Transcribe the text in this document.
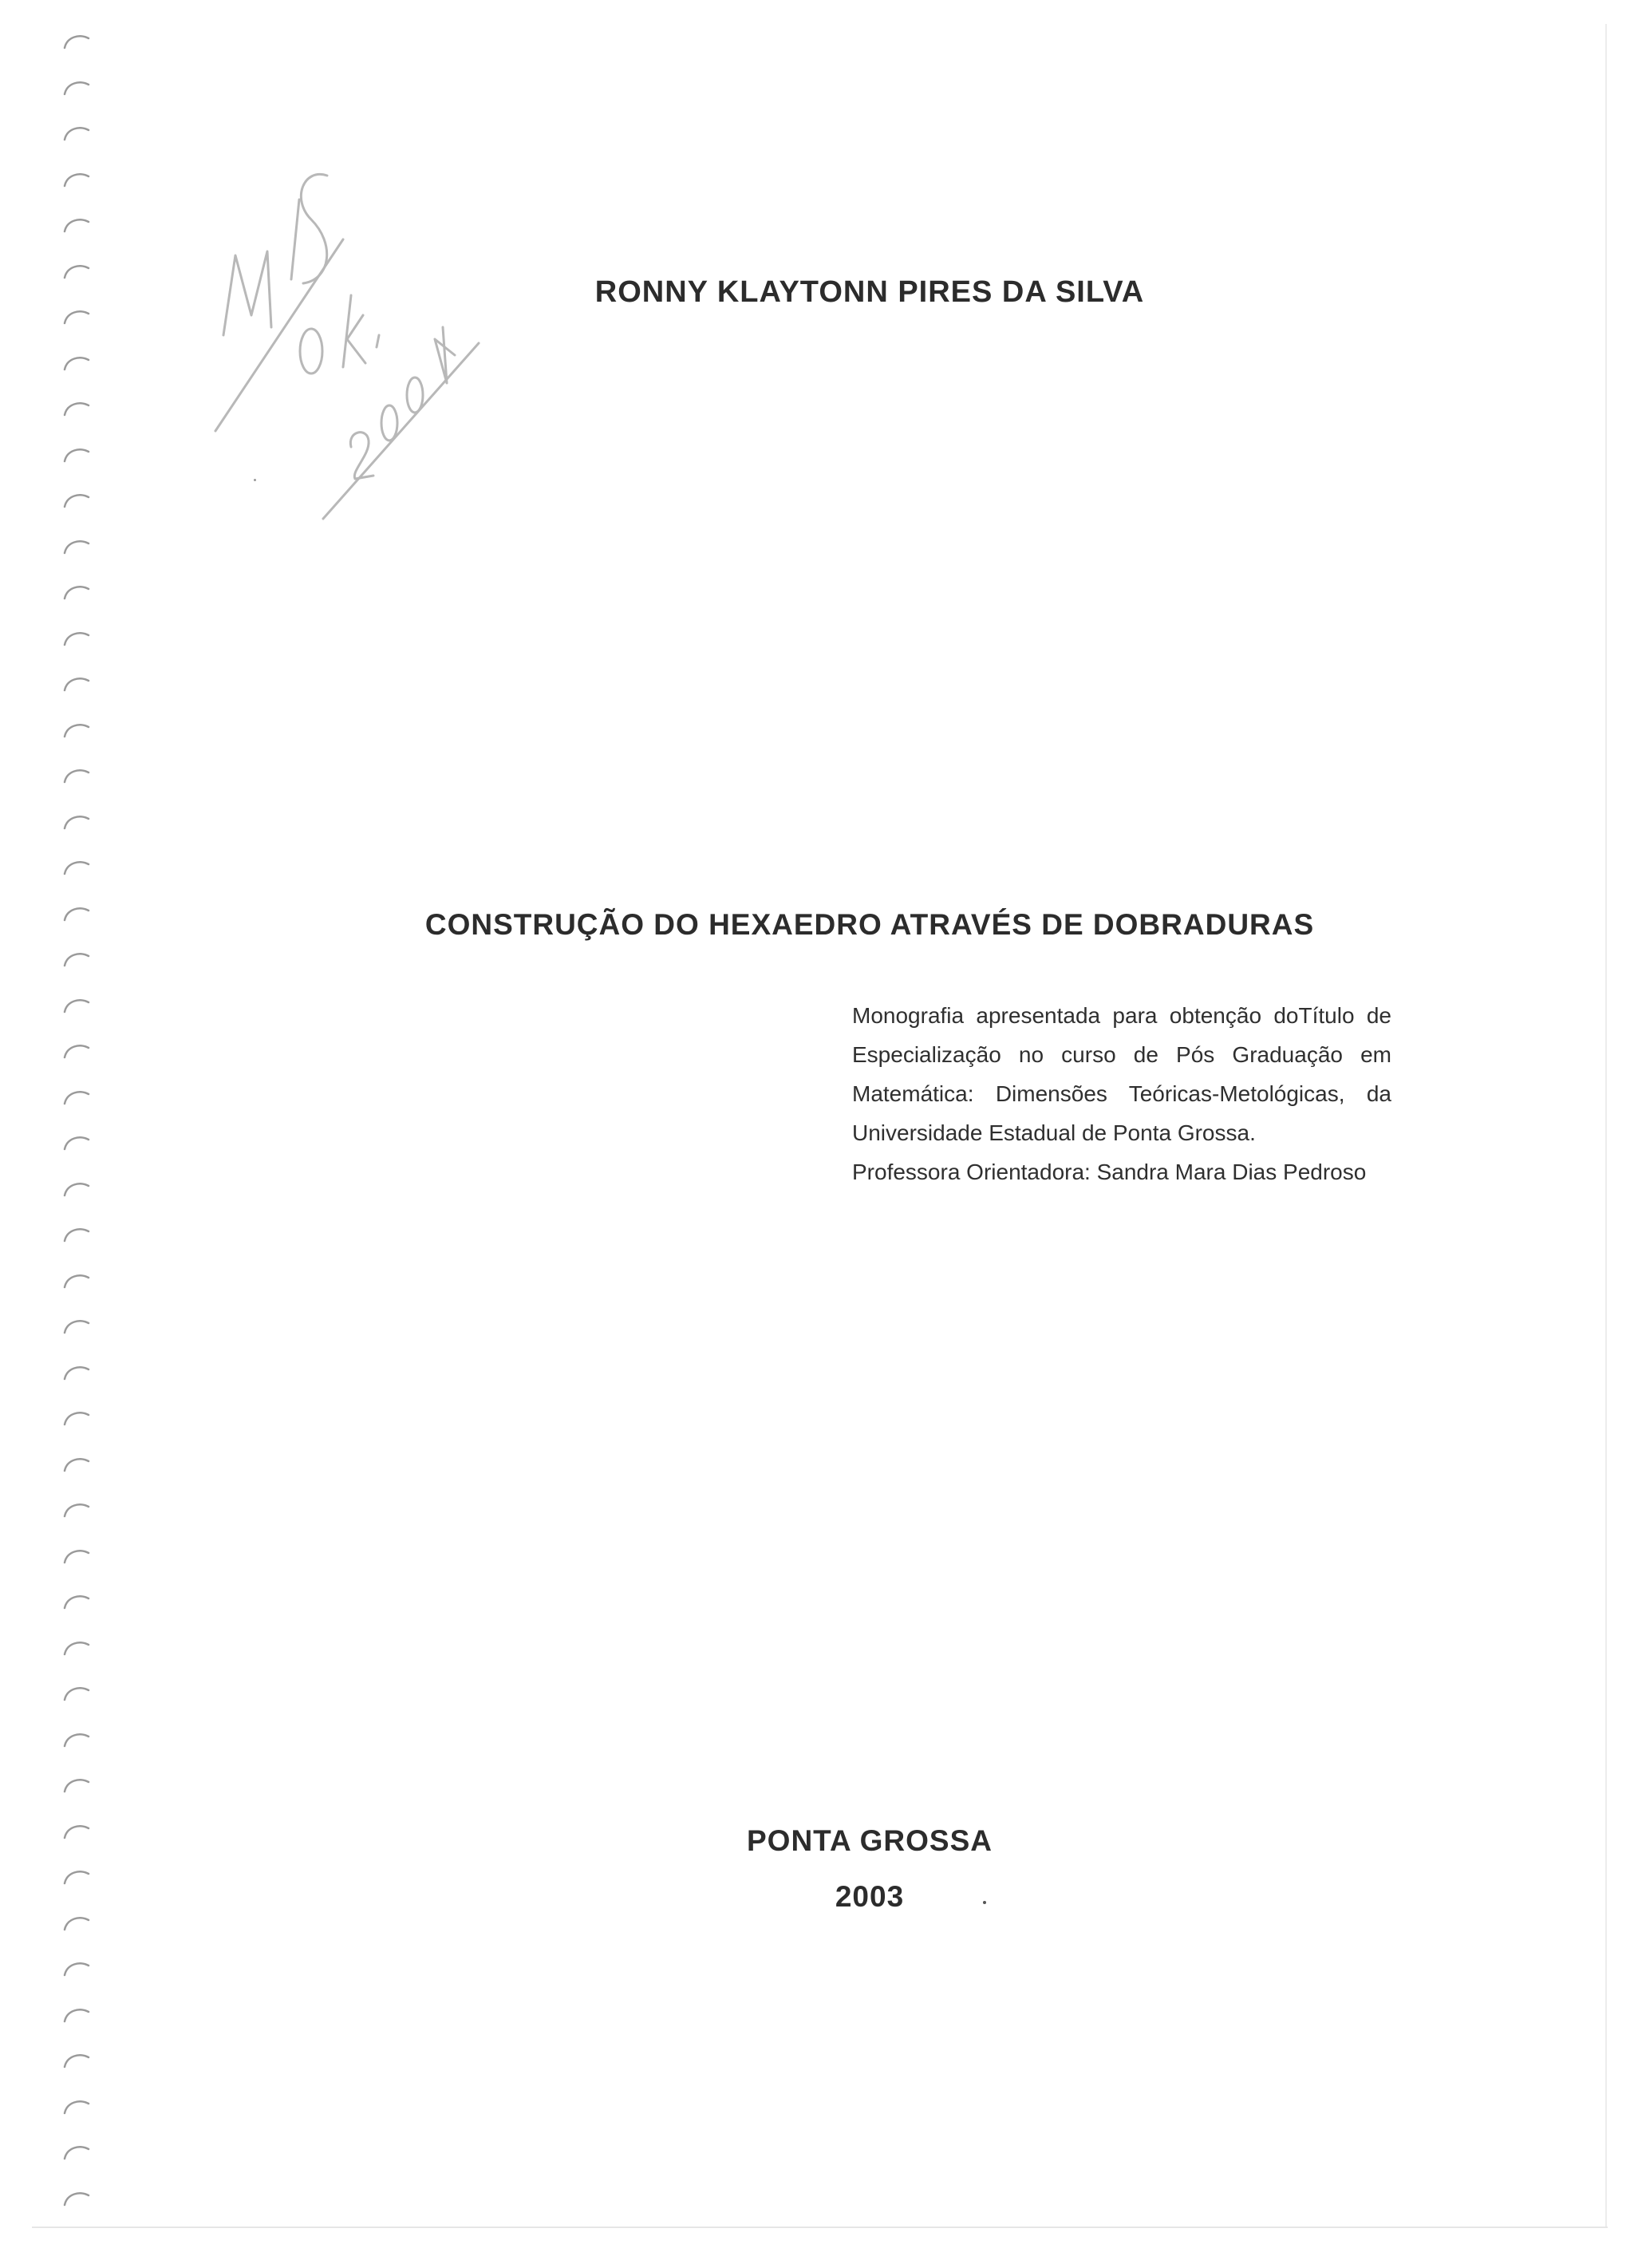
RONNY KLAYTONN PIRES DA SILVA
CONSTRUÇÃO DO HEXAEDRO ATRAVÉS DE DOBRADURAS
Monografia apresentada para obtenção doTítulo de
Especialização no curso de Pós Graduação em
Matemática: Dimensões Teóricas-Metológicas, da
Universidade Estadual de Ponta Grossa.
Professora Orientadora: Sandra Mara Dias Pedroso
PONTA GROSSA
2003
